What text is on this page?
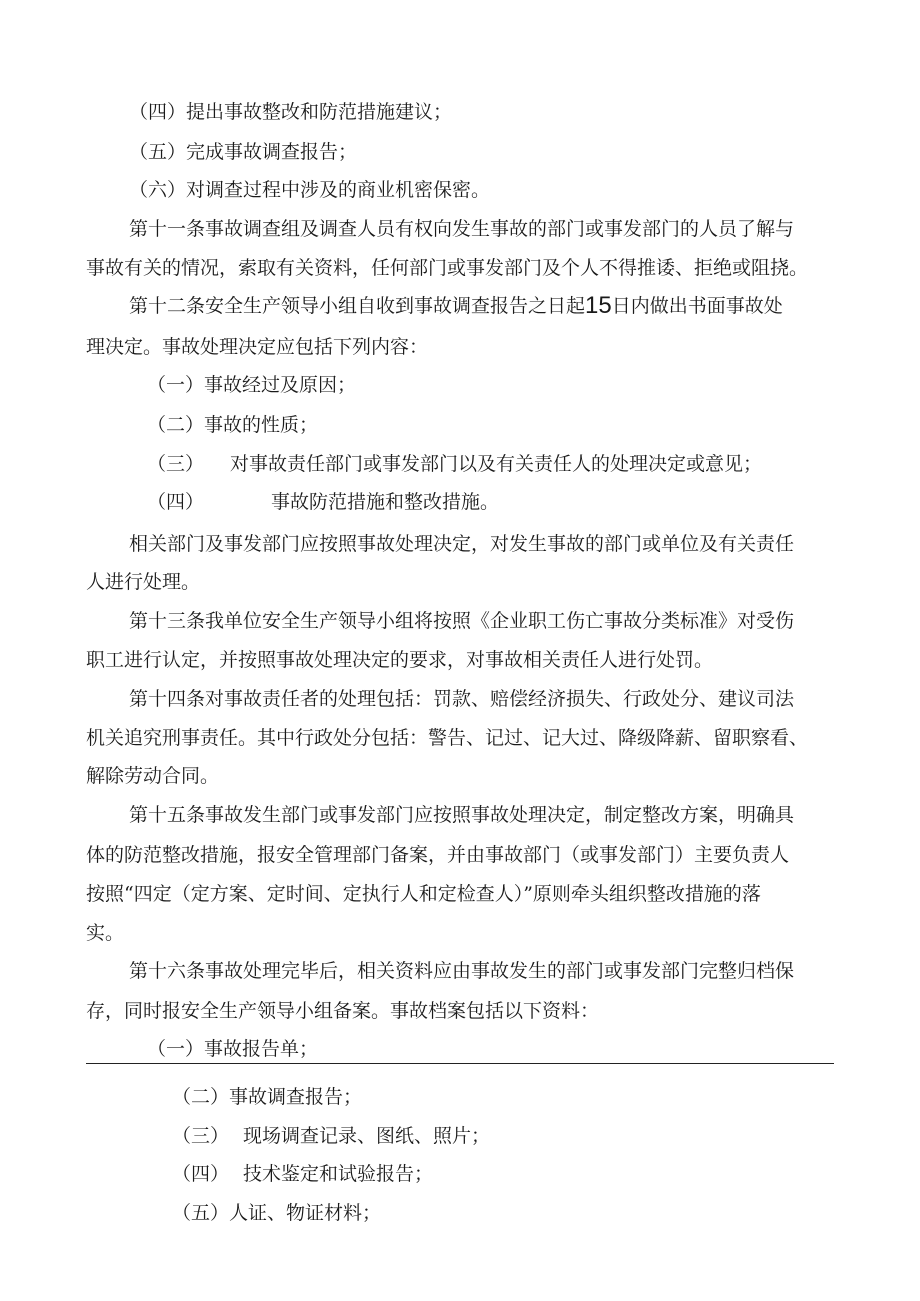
（四）提出事故整改和防范措施建议；
（五）完成事故调查报告；
（六）对调查过程中涉及的商业机密保密。
第十一条事故调查组及调查人员有权向发生事故的部门或事发部门的人员了解与
事故有关的情况，索取有关资料，任何部门或事发部门及个人不得推诿、拒绝或阻挠。
第十二条安全生产领导小组自收到事故调查报告之日起15日内做出书面事故处
理决定。事故处理决定应包括下列内容：
（一）事故经过及原因；
（二）事故的性质；
（三） 对事故责任部门或事发部门以及有关责任人的处理决定或意见；
（四）	事故防范措施和整改措施。
相关部门及事发部门应按照事故处理决定，对发生事故的部门或单位及有关责任
人进行处理。
第十三条我单位安全生产领导小组将按照《企业职工伤亡事故分类标准》对受伤
职工进行认定，并按照事故处理决定的要求，对事故相关责任人进行处罚。
第十四条对事故责任者的处理包括：罚款、赔偿经济损失、行政处分、建议司法
机关追究刑事责任。其中行政处分包括：警告、记过、记大过、降级降薪、留职察看、
解除劳动合同。
第十五条事故发生部门或事发部门应按照事故处理决定，制定整改方案，明确具
体的防范整改措施，报安全管理部门备案，并由事故部门（或事发部门）主要负责人
按照“四定（定方案、定时间、定执行人和定检查人）”原则牵头组织整改措施的落
实。
第十六条事故处理完毕后，相关资料应由事故发生的部门或事发部门完整归档保
存，同时报安全生产领导小组备案。事故档案包括以下资料：
（一）事故报告单；
（二）事故调查报告；
（三） 现场调查记录、图纸、照片；
（四） 技术鉴定和试验报告；
（五）人证、物证材料；
